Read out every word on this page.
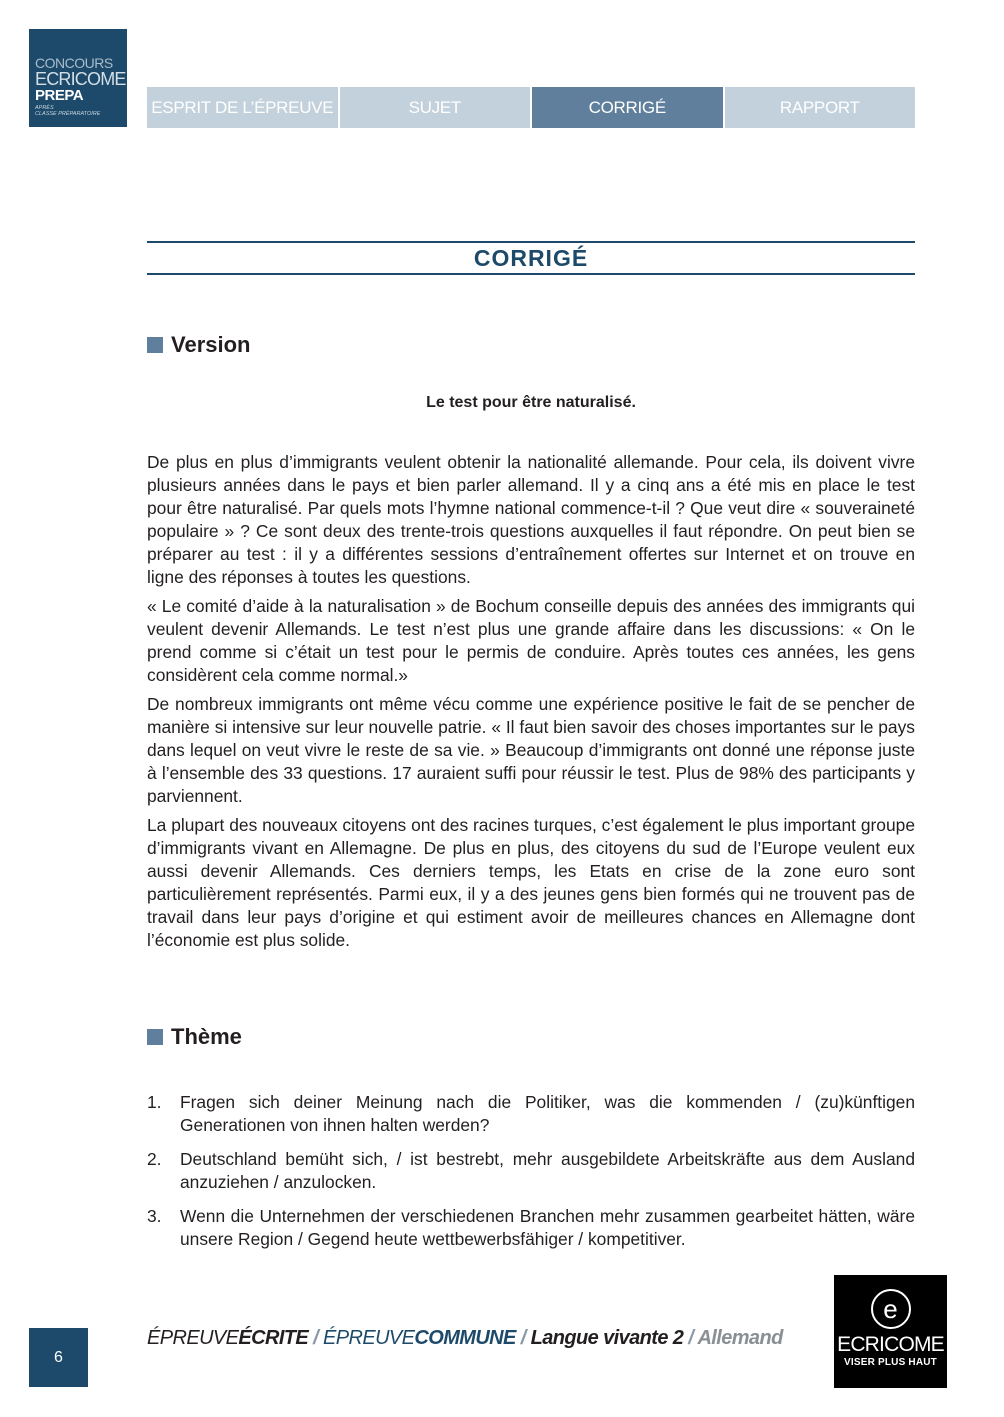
CONCOURS
ECRICOME
PREPA
APRÈS
CLASSE PRÉPARATOIRE	ESPRIT DE L’ÉPREUVE	SUJET	CORRIGÉ	RAPPORT
CORRIGÉ
Version
Le test pour être naturalisé.

De plus en plus d’immigrants veulent obtenir la nationalité allemande. Pour cela, ils doivent vivre plusieurs années dans le pays et bien parler allemand. Il y a cinq ans a été mis en place le test pour être naturalisé. Par quels mots l’hymne national commence-t-il ? Que veut dire « souveraineté populaire » ? Ce sont deux des trente-trois questions auxquelles il faut répondre. On peut bien se préparer au test : il y a différentes sessions d’entraînement offertes sur Internet et on trouve en ligne des réponses à toutes les questions.

« Le comité d’aide à la naturalisation » de Bochum conseille depuis des années des immigrants qui veulent devenir Allemands. Le test n’est plus une grande affaire dans les discussions: « On le prend comme si c’était un test pour le permis de conduire. Après toutes ces années, les gens considèrent cela comme normal.»

De nombreux immigrants ont même vécu comme une expérience positive le fait de se pencher de manière si intensive sur leur nouvelle patrie. « Il faut bien savoir des choses importantes sur le pays dans lequel on veut vivre le reste de sa vie. » Beaucoup d’immigrants ont donné une réponse juste à l’ensemble des 33 questions. 17 auraient suffi pour réussir le test. Plus de 98% des participants y parviennent.

La plupart des nouveaux citoyens ont des racines turques, c’est également le plus important groupe d’immigrants vivant en Allemagne. De plus en plus, des citoyens du sud de l’Europe veulent eux aussi devenir Allemands. Ces derniers temps, les Etats en crise de la zone euro sont particulièrement représentés. Parmi eux, il y a des jeunes gens bien formés qui ne trouvent pas de travail dans leur pays d’origine et qui estiment avoir de meilleures chances en Allemagne dont l’économie est plus solide.

Thème
1.	Fragen sich deiner Meinung nach die Politiker, was die kommenden / (zu)künftigen Generationen von ihnen halten werden?
2.	Deutschland bemüht sich, / ist bestrebt, mehr ausgebildete Arbeitskräfte aus dem Ausland anzuziehen / anzulocken.
3.	Wenn die Unternehmen der verschiedenen Branchen mehr zusammen gearbeitet hätten, wäre unsere Region / Gegend heute wettbewerbsfähiger / kompetitiver.
6
ÉPREUVEÉCRITE / ÉPREUVECOMMUNE / Langue vivante 2 / Allemand
e
ECRICOME
VISER PLUS HAUT
